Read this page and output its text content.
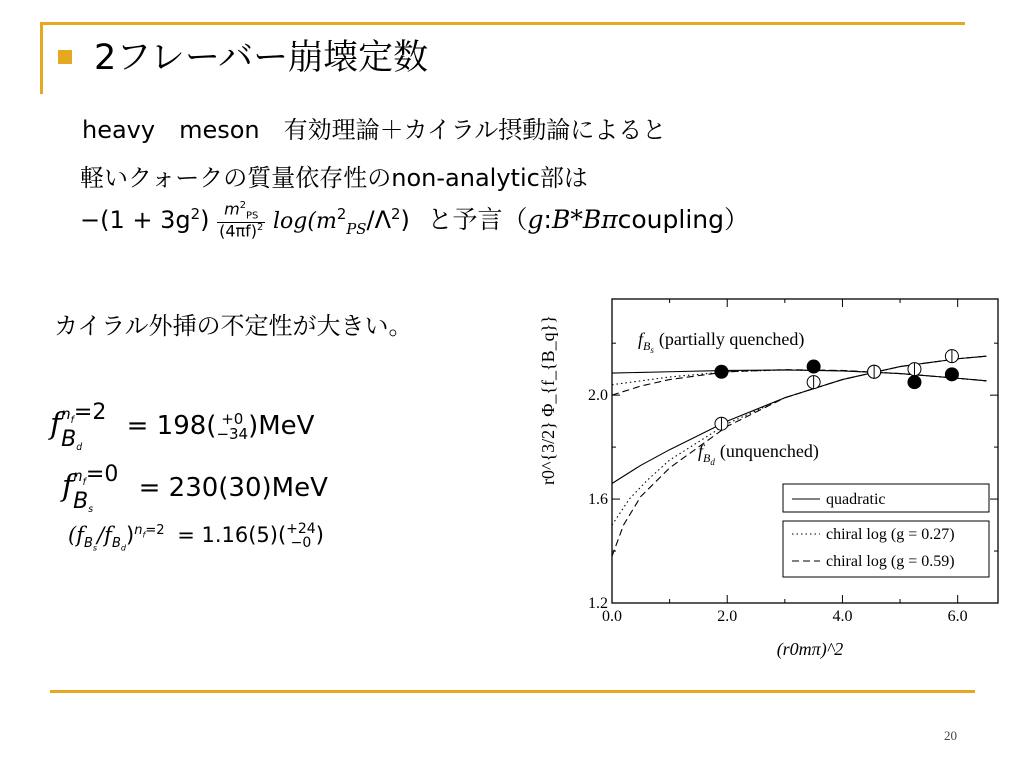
2フレーバー崩壊定数
heavy　meson　有効理論＋カイラル摂動論によると
軽いクォークの質量依存性のnon-analytic部は
$-(1 + 3g^2) \frac{m^2_{PS}}{(4\pi f)^2} \log(m^2_{PS}/\Lambda^2)$ と予言（g:B*Bπcoupling）
カイラル外挿の不定性が大きい。
f $n_f=2$
$B_d$
= 198( +0
−34 )MeV
f $n_f=0$
$B_s$
= 230(30)MeV
$(f_{B_s}/f_{B_d})^{n_f=2} = 1.16(5)( +24$
−0 )
0.0	2.0	4.0	6.0
1.2
1.6
2.0
$f_Bs(partially$ quenched)
$f_Bd(unquenched)$
quadratic
chiral log (g = 0.27)
chiral log (g = 0.59)
r0^{3/2} Φ_{f_{B_q}}
(r0mπ)^2
20
